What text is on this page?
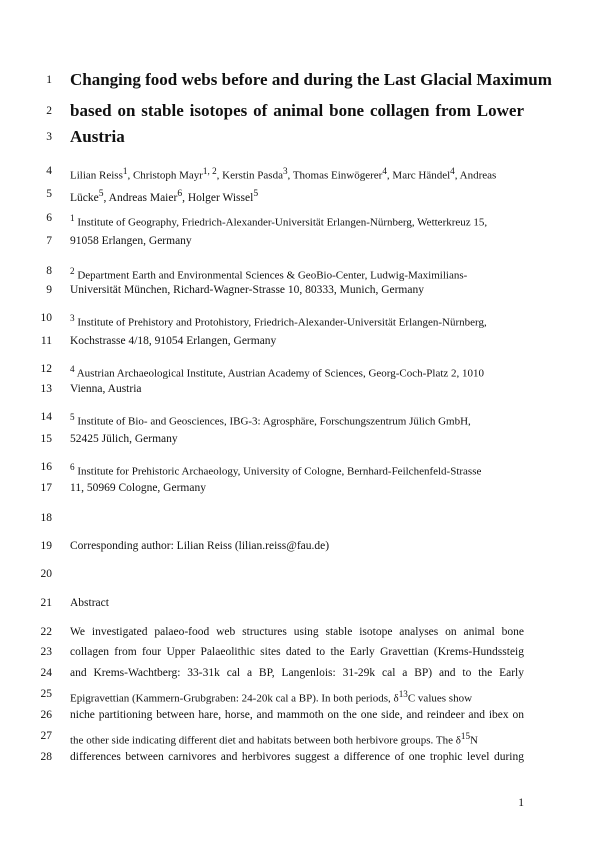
1
2
3
4
5
6
7
8
9
10
11
12
13
14
15
16
17
18
19
20
21
22
23
24
25
26
27
28
Changing food webs before and during the Last Glacial Maximum
based on stable isotopes of animal bone collagen from Lower
Austria
Lilian Reiss$^1$, Christoph Mayr$^{1, 2}$, Kerstin Pasda$^3$, Thomas Einwögerer$^4$, Marc Händel$^4$, Andreas
Lücke$^5$, Andreas Maier$^6$, Holger Wissel$^5$
$^1$ Institute of Geography, Friedrich-Alexander-Universität Erlangen-Nürnberg, Wetterkreuz 15,
91058 Erlangen, Germany
$^2$ Department Earth and Environmental Sciences & GeoBio-Center, Ludwig-Maximilians-
Universität München, Richard-Wagner-Strasse 10, 80333, Munich, Germany
$^3$ Institute of Prehistory and Protohistory, Friedrich-Alexander-Universität Erlangen-Nürnberg,
Kochstrasse 4/18, 91054 Erlangen, Germany
$^4$ Austrian Archaeological Institute, Austrian Academy of Sciences, Georg-Coch-Platz 2, 1010
Vienna, Austria
$^5$ Institute of Bio- and Geosciences, IBG-3: Agrosphäre, Forschungszentrum Jülich GmbH,
52425 Jülich, Germany
$^6$ Institute for Prehistoric Archaeology, University of Cologne, Bernhard-Feilchenfeld-Strasse
11, 50969 Cologne, Germany
Corresponding author: Lilian Reiss (lilian.reiss@fau.de)
Abstract
We investigated palaeo-food web structures using stable isotope analyses on animal bone
collagen from four Upper Palaeolithic sites dated to the Early Gravettian (Krems-Hundssteig
and Krems-Wachtberg: 33-31k cal a BP, Langenlois: 31-29k cal a BP) and to the Early
Epigravettian (Kammern-Grubgraben: 24-20k cal a BP). In both periods, $\delta^{13}C$ values show
niche partitioning between hare, horse, and mammoth on the one side, and reindeer and ibex on
the other side indicating different diet and habitats between both herbivore groups. The $\delta^{15}N$
differences between carnivores and herbivores suggest a difference of one trophic level during
1
